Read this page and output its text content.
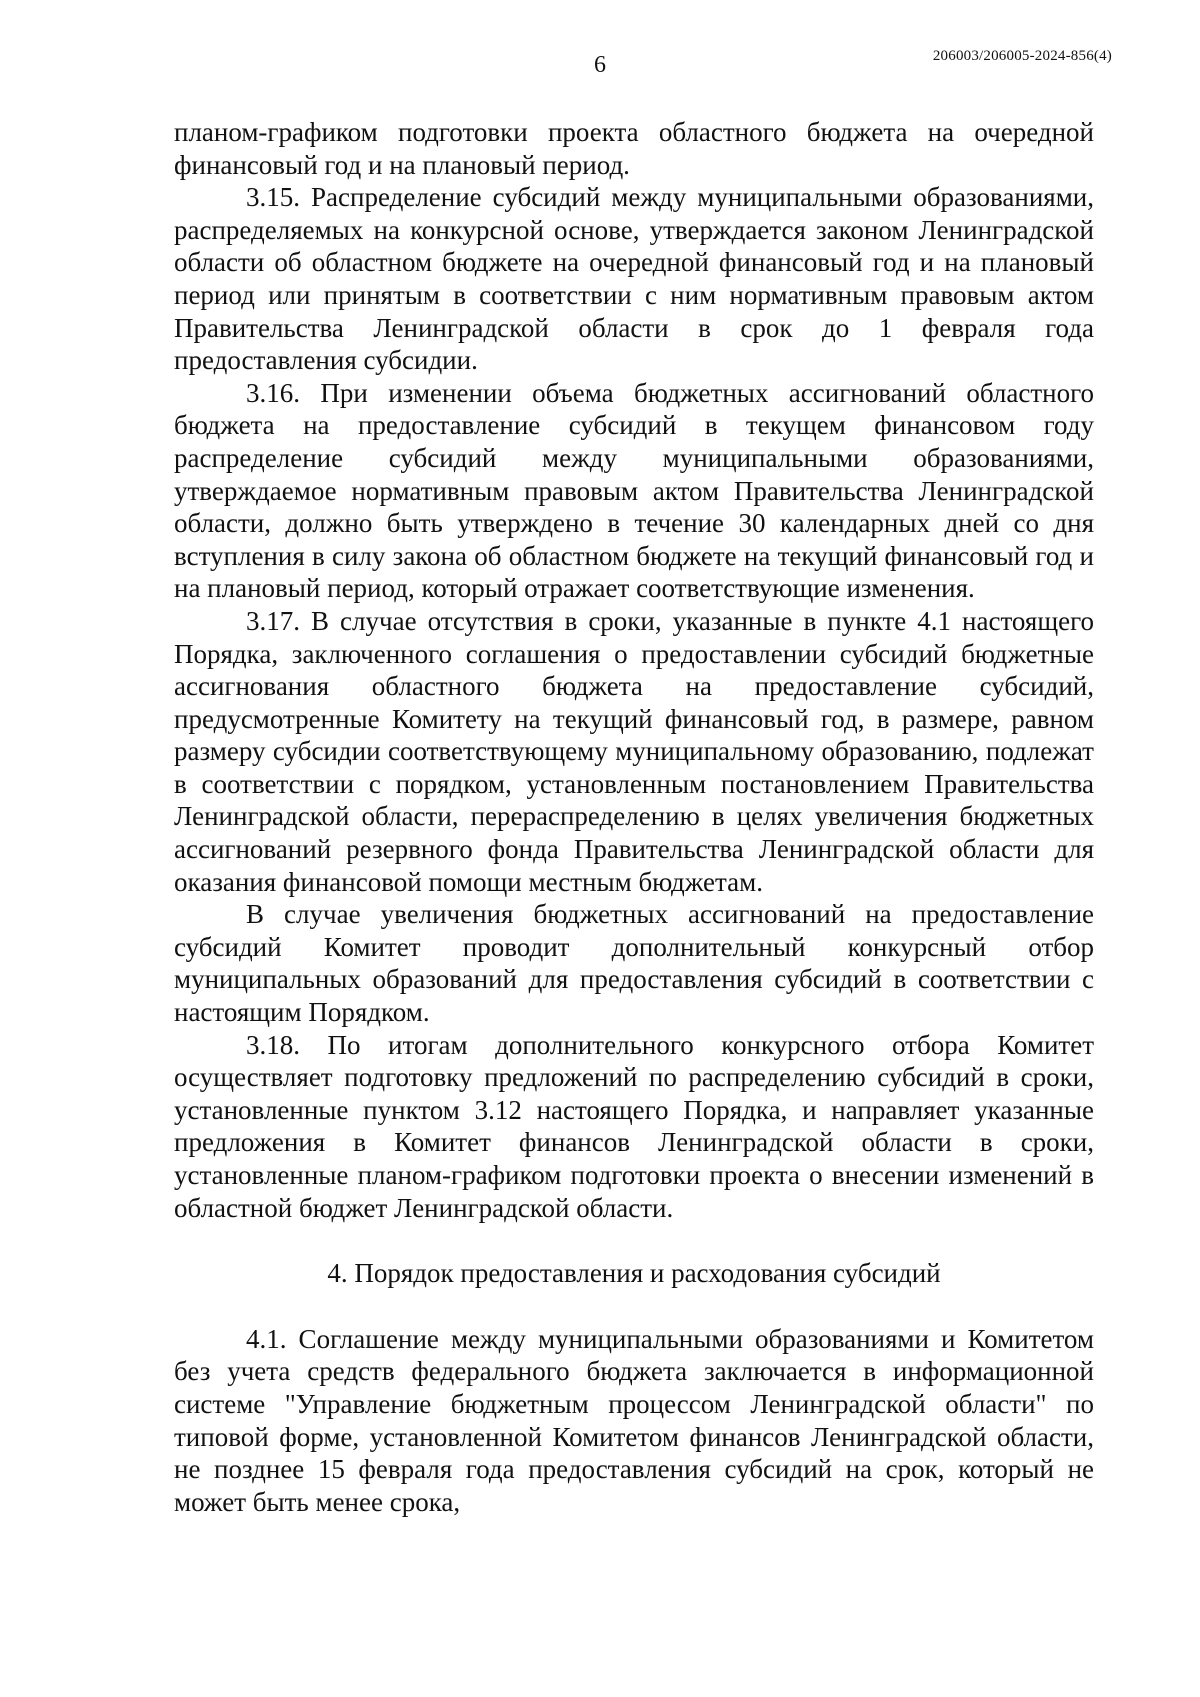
6	206003/206005-2024-856(4)

планом-графиком подготовки проекта областного бюджета на очередной финансовый год и на плановый период.

3.15. Распределение субсидий между муниципальными образованиями, распределяемых на конкурсной основе, утверждается законом Ленинградской области об областном бюджете на очередной финансовый год и на плановый период или принятым в соответствии с ним нормативным правовым актом Правительства Ленинградской области в срок до 1 февраля года предоставления субсидии.

3.16. При изменении объема бюджетных ассигнований областного бюджета на предоставление субсидий в текущем финансовом году распределение субсидий между муниципальными образованиями, утверждаемое нормативным правовым актом Правительства Ленинградской области, должно быть утверждено в течение 30 календарных дней со дня вступления в силу закона об областном бюджете на текущий финансовый год и на плановый период, который отражает соответствующие изменения.

3.17. В случае отсутствия в сроки, указанные в пункте 4.1 настоящего Порядка, заключенного соглашения о предоставлении субсидий бюджетные ассигнования областного бюджета на предоставление субсидий, предусмотренные Комитету на текущий финансовый год, в размере, равном размеру субсидии соответствующему муниципальному образованию, подлежат в соответствии с порядком, установленным постановлением Правительства Ленинградской области, перераспределению в целях увеличения бюджетных ассигнований резервного фонда Правительства Ленинградской области для оказания финансовой помощи местным бюджетам.

В случае увеличения бюджетных ассигнований на предоставление субсидий Комитет проводит дополнительный конкурсный отбор муниципальных образований для предоставления субсидий в соответствии с настоящим Порядком.

3.18. По итогам дополнительного конкурсного отбора Комитет осуществляет подготовку предложений по распределению субсидий в сроки, установленные пунктом 3.12 настоящего Порядка, и направляет указанные предложения в Комитет финансов Ленинградской области в сроки, установленные планом-графиком подготовки проекта о внесении изменений в областной бюджет Ленинградской области.

4. Порядок предоставления и расходования субсидий

4.1. Соглашение между муниципальными образованиями и Комитетом без учета средств федерального бюджета заключается в информационной системе "Управление бюджетным процессом Ленинградской области" по типовой форме, установленной Комитетом финансов Ленинградской области, не позднее 15 февраля года предоставления субсидий на срок, который не может быть менее срока,
